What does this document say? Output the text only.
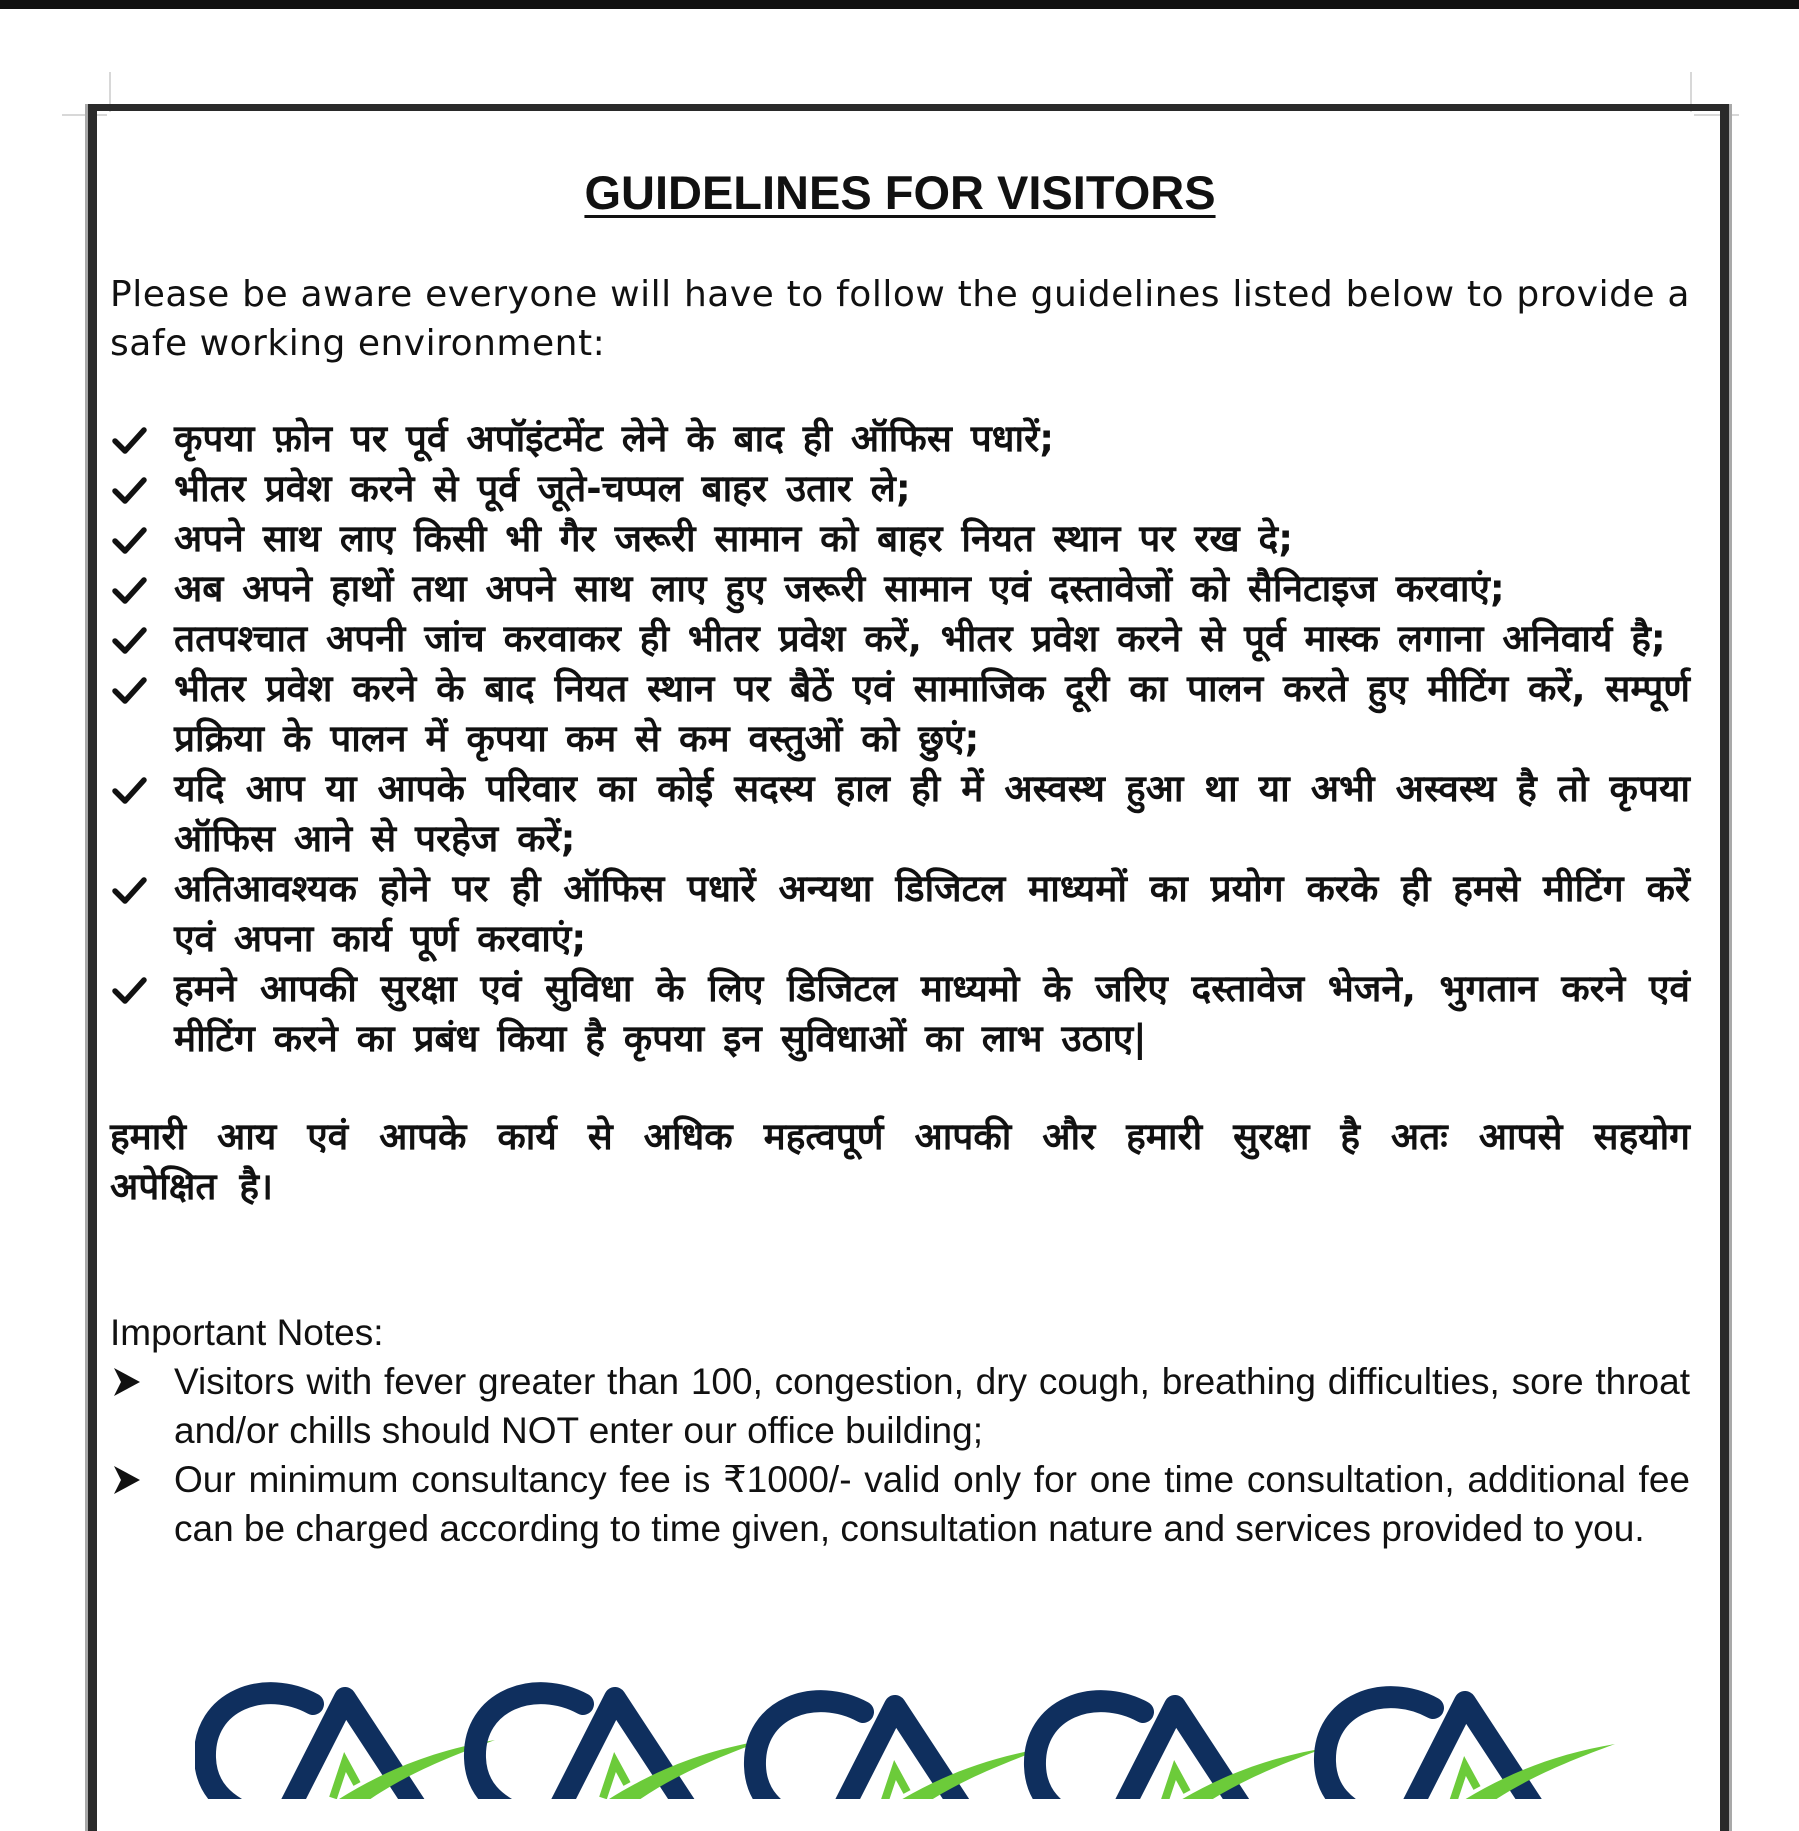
GUIDELINES FOR VISITORS

Please be aware everyone will have to follow the guidelines listed below to provide a safe working environment:

कृपया फ़ोन पर पूर्व अपॉइंटमेंट लेने के बाद ही ऑफिस पधारें;
भीतर प्रवेश करने से पूर्व जूते-चप्पल बाहर उतार ले;
अपने साथ लाए किसी भी गैर जरूरी सामान को बाहर नियत स्थान पर रख दे;
अब अपने हाथों तथा अपने साथ लाए हुए जरूरी सामान एवं दस्तावेजों को सैनिटाइज करवाएं;
ततपश्चात अपनी जांच करवाकर ही भीतर प्रवेश करें, भीतर प्रवेश करने से पूर्व मास्क लगाना अनिवार्य है;
भीतर प्रवेश करने के बाद नियत स्थान पर बैठें एवं सामाजिक दूरी का पालन करते हुए मीटिंग करें, सम्पूर्ण प्रक्रिया के पालन में कृपया कम से कम वस्तुओं को छुएं;
यदि आप या आपके परिवार का कोई सदस्य हाल ही में अस्वस्थ हुआ था या अभी अस्वस्थ है तो कृपया ऑफिस आने से परहेज करें;
अतिआवश्यक होने पर ही ऑफिस पधारें अन्यथा डिजिटल माध्यमों का प्रयोग करके ही हमसे मीटिंग करें एवं अपना कार्य पूर्ण करवाएं;
हमने आपकी सुरक्षा एवं सुविधा के लिए डिजिटल माध्यमो के जरिए दस्तावेज भेजने, भुगतान करने एवं मीटिंग करने का प्रबंध किया है कृपया इन सुविधाओं का लाभ उठाए|

हमारी आय एवं आपके कार्य से अधिक महत्वपूर्ण आपकी और हमारी सुरक्षा है अतः आपसे सहयोग अपेक्षित है।

Important Notes:

Visitors with fever greater than 100, congestion, dry cough, breathing difficulties, sore throat and/or chills should NOT enter our office building;
Our minimum consultancy fee is ₹1000/- valid only for one time consultation, additional fee can be charged according to time given, consultation nature and services provided to you.
